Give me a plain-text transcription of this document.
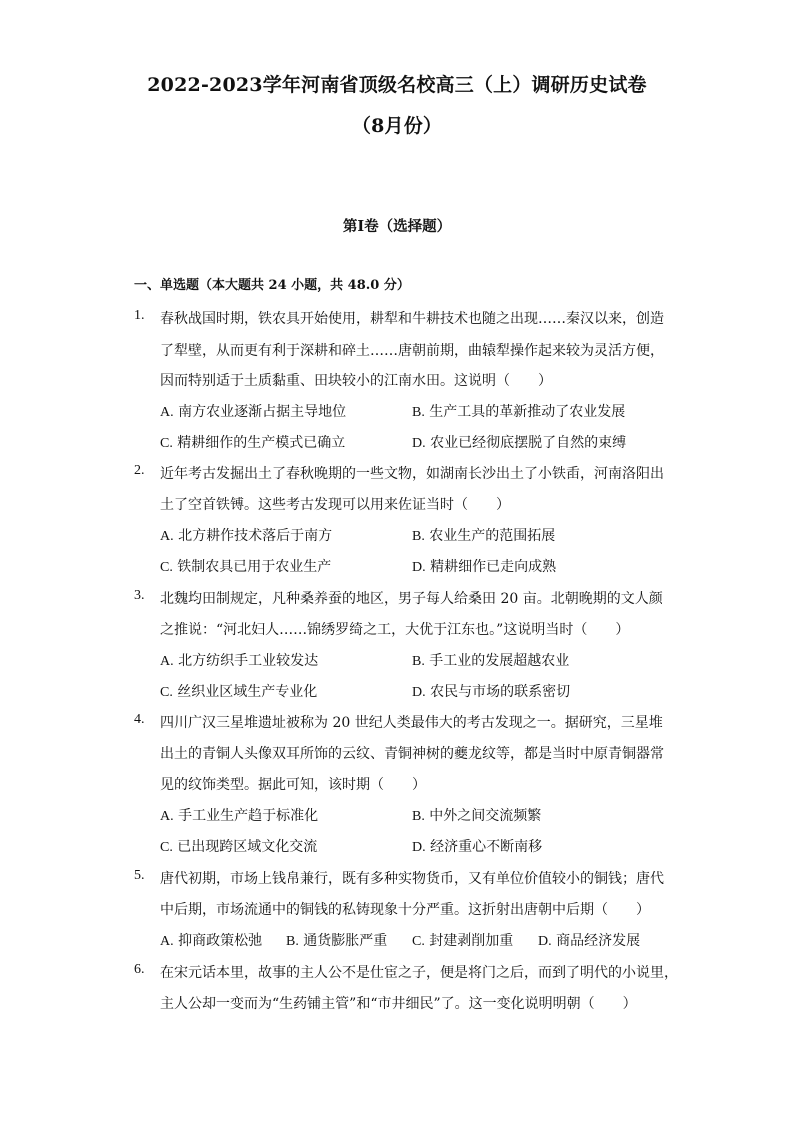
2022-2023学年河南省顶级名校高三（上）调研历史试卷
（8月份）
第I卷（选择题）
一、单选题（本大题共 24 小题，共 48.0 分）
1.	春秋战国时期，铁农具开始使用，耕犁和牛耕技术也随之出现……秦汉以来，创造
了犁壁，从而更有利于深耕和碎土……唐朝前期，曲辕犁操作起来较为灵活方便，
因而特别适于土质黏重、田块较小的江南水田。这说明（　　）
A. 南方农业逐渐占据主导地位	B. 生产工具的革新推动了农业发展
C. 精耕细作的生产模式已确立	D. 农业已经彻底摆脱了自然的束缚
2.	近年考古发掘出土了春秋晚期的一些文物，如湖南长沙出土了小铁臿，河南洛阳出
土了空首铁镈。这些考古发现可以用来佐证当时（　　）
A. 北方耕作技术落后于南方	B. 农业生产的范围拓展
C. 铁制农具已用于农业生产	D. 精耕细作已走向成熟
3.	北魏均田制规定，凡种桑养蚕的地区，男子每人给桑田 20 亩。北朝晚期的文人颜
之推说：“河北妇人……锦绣罗绮之工，大优于江东也。”这说明当时（　　）
A. 北方纺织手工业较发达	B. 手工业的发展超越农业
C. 丝织业区域生产专业化	D. 农民与市场的联系密切
4.	四川广汉三星堆遗址被称为 20 世纪人类最伟大的考古发现之一。据研究，三星堆
出土的青铜人头像双耳所饰的云纹、青铜神树的夔龙纹等，都是当时中原青铜器常
见的纹饰类型。据此可知，该时期（　　）
A. 手工业生产趋于标准化	B. 中外之间交流频繁
C. 已出现跨区域文化交流	D. 经济重心不断南移
5.	唐代初期，市场上钱帛兼行，既有多种实物货币，又有单位价值较小的铜钱；唐代
中后期，市场流通中的铜钱的私铸现象十分严重。这折射出唐朝中后期（　　）
A. 抑商政策松弛 B. 通货膨胀严重 C. 封建剥削加重 D. 商品经济发展
6.	在宋元话本里，故事的主人公不是仕宦之子，便是将门之后，而到了明代的小说里，
主人公却一变而为“生药铺主管”和“市井细民”了。这一变化说明明朝（　　）
